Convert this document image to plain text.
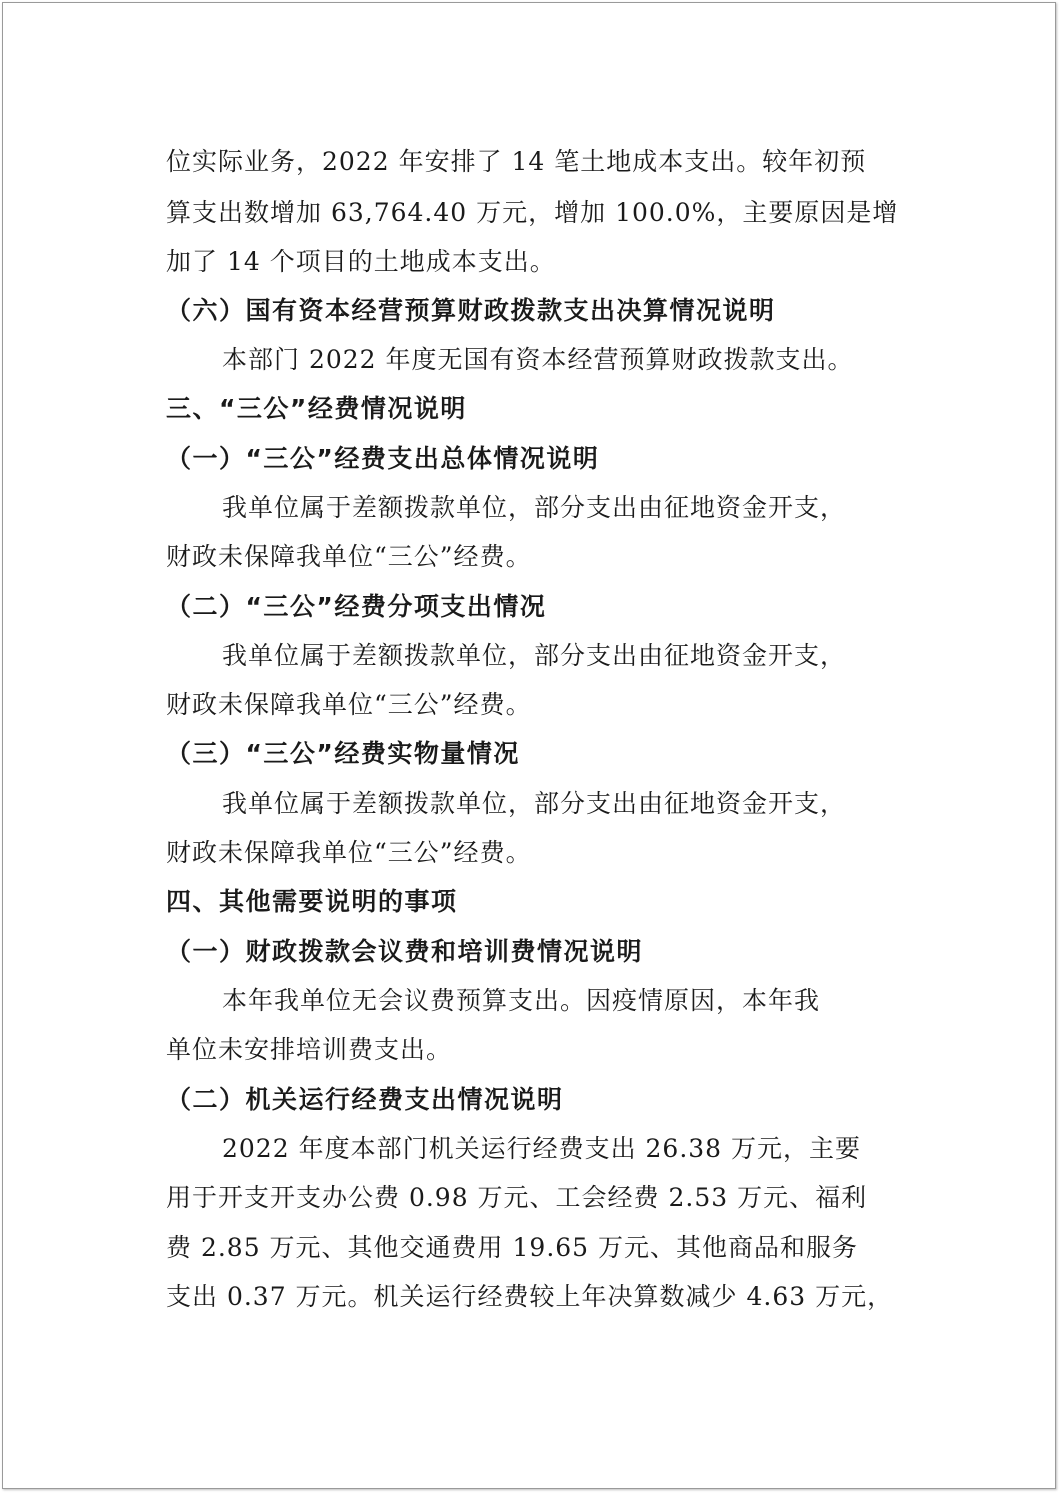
位实际业务，2022 年安排了 14 笔土地成本支出。较年初预
算支出数增加 63,764.40 万元，增加 100.0%，主要原因是增
加了 14 个项目的土地成本支出。
（六）国有资本经营预算财政拨款支出决算情况说明
本部门 2022 年度无国有资本经营预算财政拨款支出。
三、“三公”经费情况说明
（一）“三公”经费支出总体情况说明
我单位属于差额拨款单位，部分支出由征地资金开支，
财政未保障我单位“三公”经费。
（二）“三公”经费分项支出情况
我单位属于差额拨款单位，部分支出由征地资金开支，
财政未保障我单位“三公”经费。
（三）“三公”经费实物量情况
我单位属于差额拨款单位，部分支出由征地资金开支，
财政未保障我单位“三公”经费。
四、其他需要说明的事项
（一）财政拨款会议费和培训费情况说明
本年我单位无会议费预算支出。因疫情原因，本年我
单位未安排培训费支出。
（二）机关运行经费支出情况说明
2022 年度本部门机关运行经费支出 26.38 万元，主要
用于开支开支办公费 0.98 万元、工会经费 2.53 万元、福利
费 2.85 万元、其他交通费用 19.65 万元、其他商品和服务
支出 0.37 万元。机关运行经费较上年决算数减少 4.63 万元，
